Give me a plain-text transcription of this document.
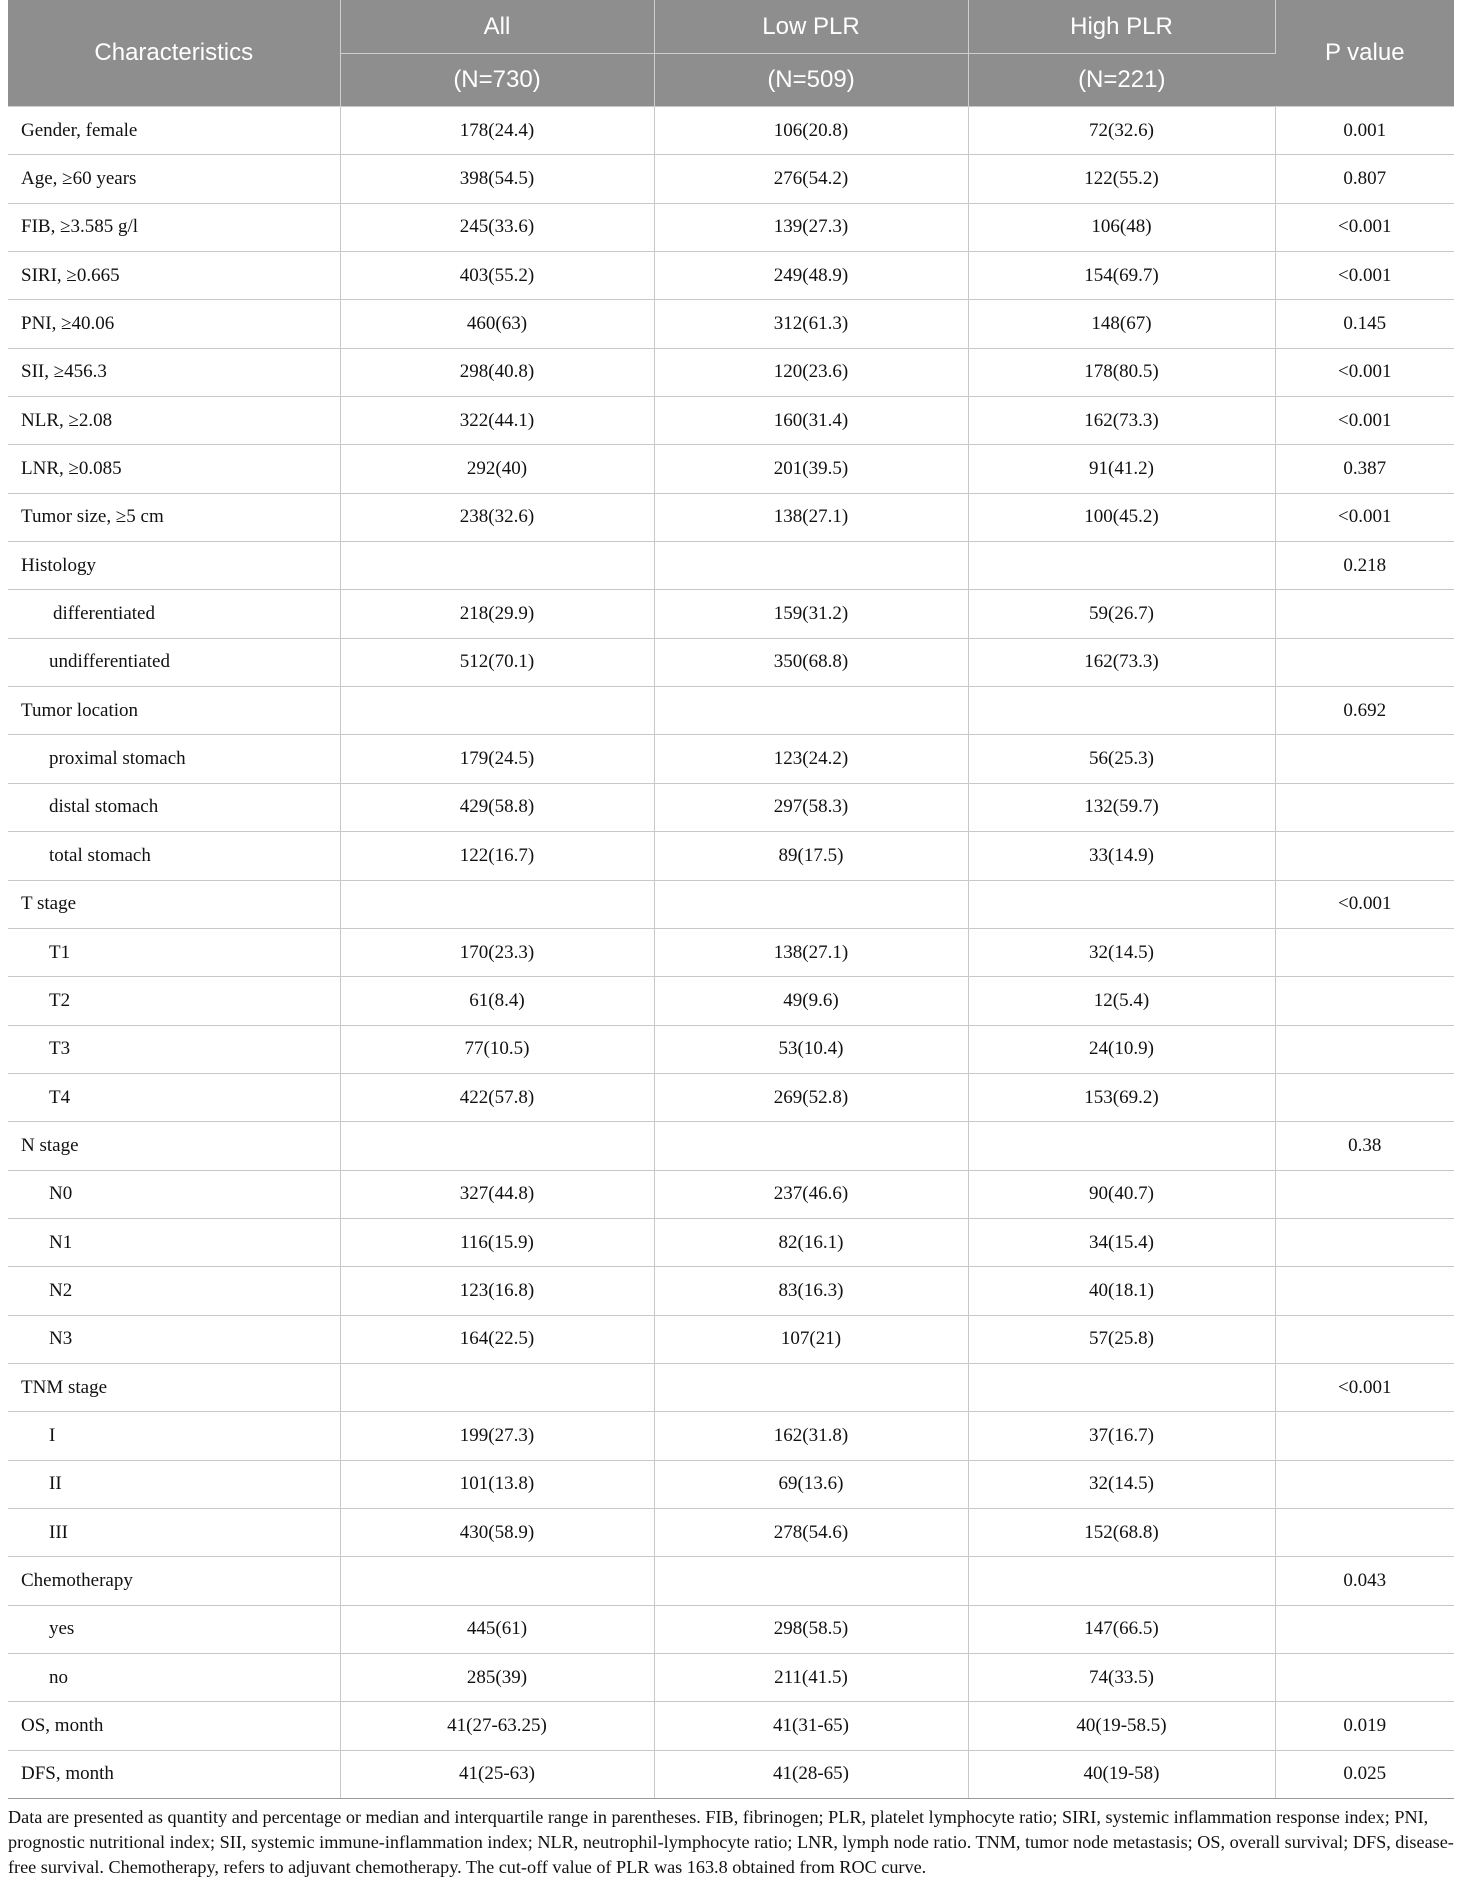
Characteristics	All	Low PLR	High PLR	P value
	(N=730)	(N=509)	(N=221)	
Gender, female	178(24.4)	106(20.8)	72(32.6)	0.001
Age, ≥60 years	398(54.5)	276(54.2)	122(55.2)	0.807
FIB, ≥3.585 g/l	245(33.6)	139(27.3)	106(48)	<0.001
SIRI, ≥0.665	403(55.2)	249(48.9)	154(69.7)	<0.001
PNI, ≥40.06	460(63)	312(61.3)	148(67)	0.145
SII, ≥456.3	298(40.8)	120(23.6)	178(80.5)	<0.001
NLR, ≥2.08	322(44.1)	160(31.4)	162(73.3)	<0.001
LNR, ≥0.085	292(40)	201(39.5)	91(41.2)	0.387
Tumor size, ≥5 cm	238(32.6)	138(27.1)	100(45.2)	<0.001
Histology				0.218
differentiated	218(29.9)	159(31.2)	59(26.7)	
undifferentiated	512(70.1)	350(68.8)	162(73.3)	
Tumor location				0.692
proximal stomach	179(24.5)	123(24.2)	56(25.3)	
distal stomach	429(58.8)	297(58.3)	132(59.7)	
total stomach	122(16.7)	89(17.5)	33(14.9)	
T stage				<0.001
T1	170(23.3)	138(27.1)	32(14.5)	
T2	61(8.4)	49(9.6)	12(5.4)	
T3	77(10.5)	53(10.4)	24(10.9)	
T4	422(57.8)	269(52.8)	153(69.2)	
N stage				0.38
N0	327(44.8)	237(46.6)	90(40.7)	
N1	116(15.9)	82(16.1)	34(15.4)	
N2	123(16.8)	83(16.3)	40(18.1)	
N3	164(22.5)	107(21)	57(25.8)	
TNM stage				<0.001
I	199(27.3)	162(31.8)	37(16.7)	
II	101(13.8)	69(13.6)	32(14.5)	
III	430(58.9)	278(54.6)	152(68.8)	
Chemotherapy				0.043
yes	445(61)	298(58.5)	147(66.5)	
no	285(39)	211(41.5)	74(33.5)	
OS, month	41(27-63.25)	41(31-65)	40(19-58.5)	0.019
DFS, month	41(25-63)	41(28-65)	40(19-58)	0.025
Data are presented as quantity and percentage or median and interquartile range in parentheses. FIB, fibrinogen; PLR, platelet lymphocyte ratio; SIRI, systemic inflammation response index; PNI, prognostic nutritional index; SII, systemic immune-inflammation index; NLR, neutrophil-lymphocyte ratio; LNR, lymph node ratio. TNM, tumor node metastasis; OS, overall survival; DFS, disease-free survival. Chemotherapy, refers to adjuvant chemotherapy. The cut-off value of PLR was 163.8 obtained from ROC curve.
